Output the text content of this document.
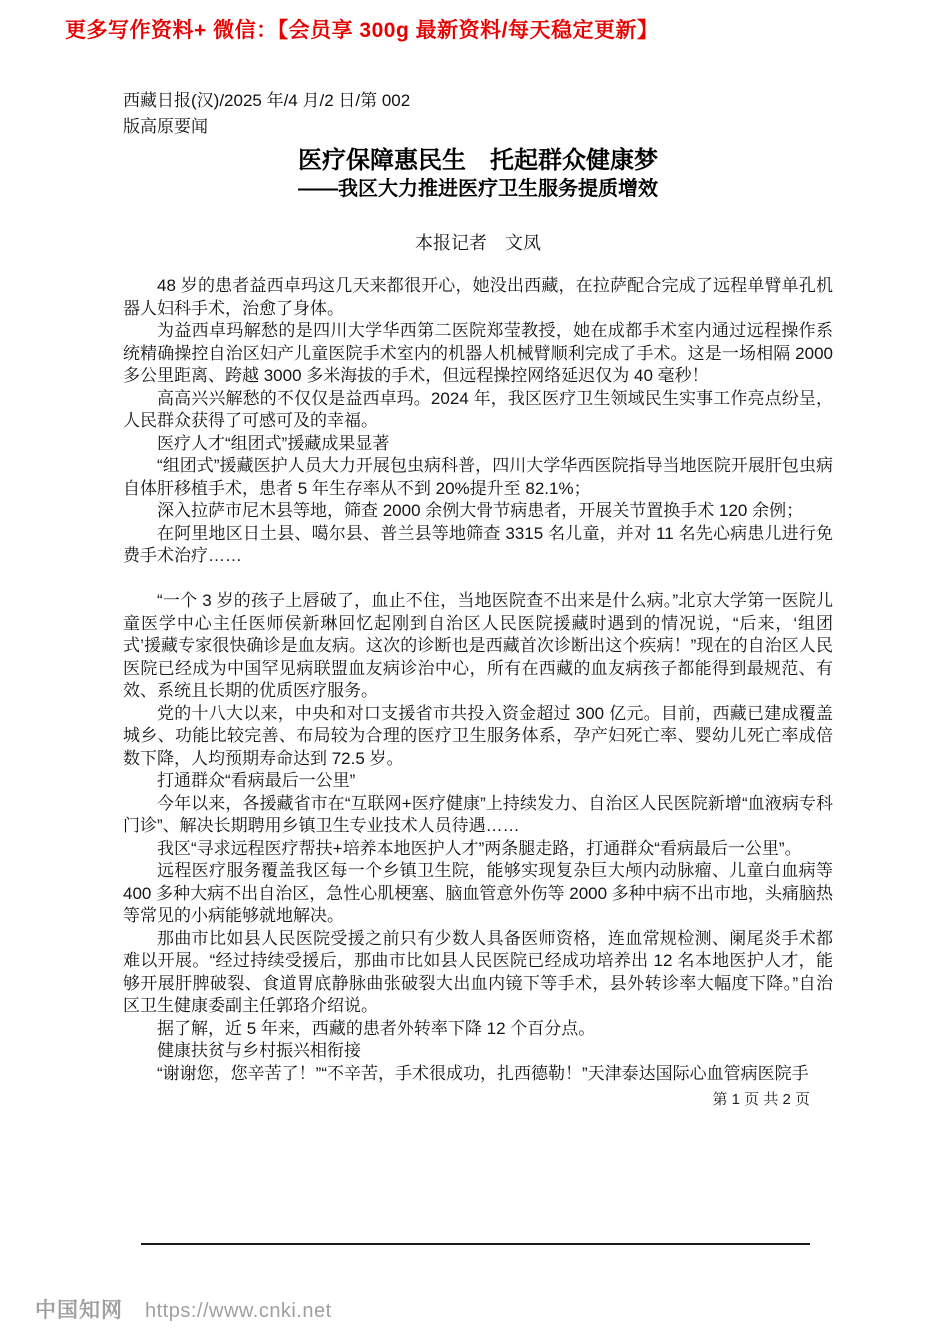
更多写作资料+ 微信：【会员享 300g 最新资料/每天稳定更新】
西藏日报(汉)/2025 年/4 月/2 日/第 002
版高原要闻
医疗保障惠民生　托起群众健康梦
——我区大力推进医疗卫生服务提质增效
本报记者　文凤

48 岁的患者益西卓玛这几天来都很开心，她没出西藏，在拉萨配合完成了远程单臂单孔机器人妇科手术，治愈了身体。

为益西卓玛解愁的是四川大学华西第二医院郑莹教授，她在成都手术室内通过远程操作系统精确操控自治区妇产儿童医院手术室内的机器人机械臂顺利完成了手术。这是一场相隔 2000 多公里距离、跨越 3000 多米海拔的手术，但远程操控网络延迟仅为 40 毫秒！

高高兴兴解愁的不仅仅是益西卓玛。2024 年，我区医疗卫生领域民生实事工作亮点纷呈，人民群众获得了可感可及的幸福。

医疗人才“组团式”援藏成果显著

“组团式”援藏医护人员大力开展包虫病科普，四川大学华西医院指导当地医院开展肝包虫病自体肝移植手术，患者 5 年生存率从不到 20%提升至 82.1%；

深入拉萨市尼木县等地，筛查 2000 余例大骨节病患者，开展关节置换手术 120 余例；

在阿里地区日土县、噶尔县、普兰县等地筛查 3315 名儿童，并对 11 名先心病患儿进行免费手术治疗……

“一个 3 岁的孩子上唇破了，血止不住，当地医院查不出来是什么病。”北京大学第一医院儿童医学中心主任医师侯新琳回忆起刚到自治区人民医院援藏时遇到的情况说，“后来，‘组团式’援藏专家很快确诊是血友病。这次的诊断也是西藏首次诊断出这个疾病！”现在的自治区人民医院已经成为中国罕见病联盟血友病诊治中心，所有在西藏的血友病孩子都能得到最规范、有效、系统且长期的优质医疗服务。

党的十八大以来，中央和对口支援省市共投入资金超过 300 亿元。目前，西藏已建成覆盖城乡、功能比较完善、布局较为合理的医疗卫生服务体系，孕产妇死亡率、婴幼儿死亡率成倍数下降，人均预期寿命达到 72.5 岁。

打通群众“看病最后一公里”

今年以来，各援藏省市在“互联网+医疗健康”上持续发力、自治区人民医院新增“血液病专科门诊”、解决长期聘用乡镇卫生专业技术人员待遇……

我区“寻求远程医疗帮扶+培养本地医护人才”两条腿走路，打通群众“看病最后一公里”。

远程医疗服务覆盖我区每一个乡镇卫生院，能够实现复杂巨大颅内动脉瘤、儿童白血病等 400 多种大病不出自治区，急性心肌梗塞、脑血管意外伤等 2000 多种中病不出市地，头痛脑热等常见的小病能够就地解决。

那曲市比如县人民医院受援之前只有少数人具备医师资格，连血常规检测、阑尾炎手术都难以开展。“经过持续受援后，那曲市比如县人民医院已经成功培养出 12 名本地医护人才，能够开展肝脾破裂、食道胃底静脉曲张破裂大出血内镜下等手术，县外转诊率大幅度下降。”自治区卫生健康委副主任郭珞介绍说。

据了解，近 5 年来，西藏的患者外转率下降 12 个百分点。

健康扶贫与乡村振兴相衔接

“谢谢您，您辛苦了！”“不辛苦，手术很成功，扎西德勒！”天津泰达国际心血管病医院手

第 1 页 共 2 页
中国知网 https://www.cnki.net
